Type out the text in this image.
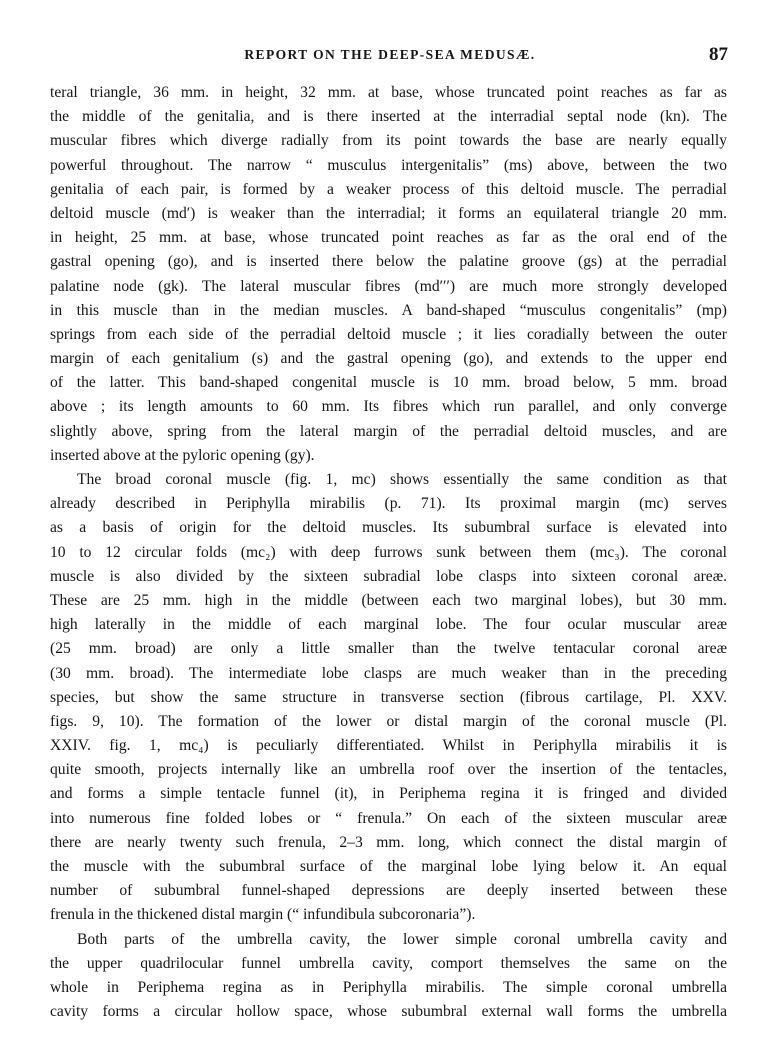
REPORT ON THE DEEP-SEA MEDUSÆ.	87
teral triangle, 36 mm. in height, 32 mm. at base, whose truncated point reaches as far as
the middle of the genitalia, and is there inserted at the interradial septal node (kn). The
muscular fibres which diverge radially from its point towards the base are nearly equally
powerful throughout. The narrow “ musculus intergenitalis” (ms) above, between the two
genitalia of each pair, is formed by a weaker process of this deltoid muscle. The perradial
deltoid muscle (md′) is weaker than the interradial; it forms an equilateral triangle 20 mm.
in height, 25 mm. at base, whose truncated point reaches as far as the oral end of the
gastral opening (go), and is inserted there below the palatine groove (gs) at the perradial
palatine node (gk). The lateral muscular fibres (md′′′) are much more strongly developed
in this muscle than in the median muscles. A band-shaped “musculus congenitalis” (mp)
springs from each side of the perradial deltoid muscle ; it lies coradially between the outer
margin of each genitalium (s) and the gastral opening (go), and extends to the upper end
of the latter. This band-shaped congenital muscle is 10 mm. broad below, 5 mm. broad
above ; its length amounts to 60 mm. Its fibres which run parallel, and only converge
slightly above, spring from the lateral margin of the perradial deltoid muscles, and are
inserted above at the pyloric opening (gy).
The broad coronal muscle (fig. 1, mc) shows essentially the same condition as that
already described in Periphylla mirabilis (p. 71). Its proximal margin (mc) serves
as a basis of origin for the deltoid muscles. Its subumbral surface is elevated into
10 to 12 circular folds (mc₂) with deep furrows sunk between them (mc₃). The coronal
muscle is also divided by the sixteen subradial lobe clasps into sixteen coronal areæ.
These are 25 mm. high in the middle (between each two marginal lobes), but 30 mm.
high laterally in the middle of each marginal lobe. The four ocular muscular areæ
(25 mm. broad) are only a little smaller than the twelve tentacular coronal areæ
(30 mm. broad). The intermediate lobe clasps are much weaker than in the preceding
species, but show the same structure in transverse section (fibrous cartilage, Pl. XXV.
figs. 9, 10). The formation of the lower or distal margin of the coronal muscle (Pl.
XXIV. fig. 1, mc₄) is peculiarly differentiated. Whilst in Periphylla mirabilis it is
quite smooth, projects internally like an umbrella roof over the insertion of the tentacles,
and forms a simple tentacle funnel (it), in Periphema regina it is fringed and divided
into numerous fine folded lobes or “ frenula.” On each of the sixteen muscular areæ
there are nearly twenty such frenula, 2–3 mm. long, which connect the distal margin of
the muscle with the subumbral surface of the marginal lobe lying below it. An equal
number of subumbral funnel-shaped depressions are deeply inserted between these
frenula in the thickened distal margin (“ infundibula subcoronaria”).
Both parts of the umbrella cavity, the lower simple coronal umbrella cavity and
the upper quadrilocular funnel umbrella cavity, comport themselves the same on the
whole in Periphema regina as in Periphylla mirabilis. The simple coronal umbrella
cavity forms a circular hollow space, whose subumbral external wall forms the umbrella
